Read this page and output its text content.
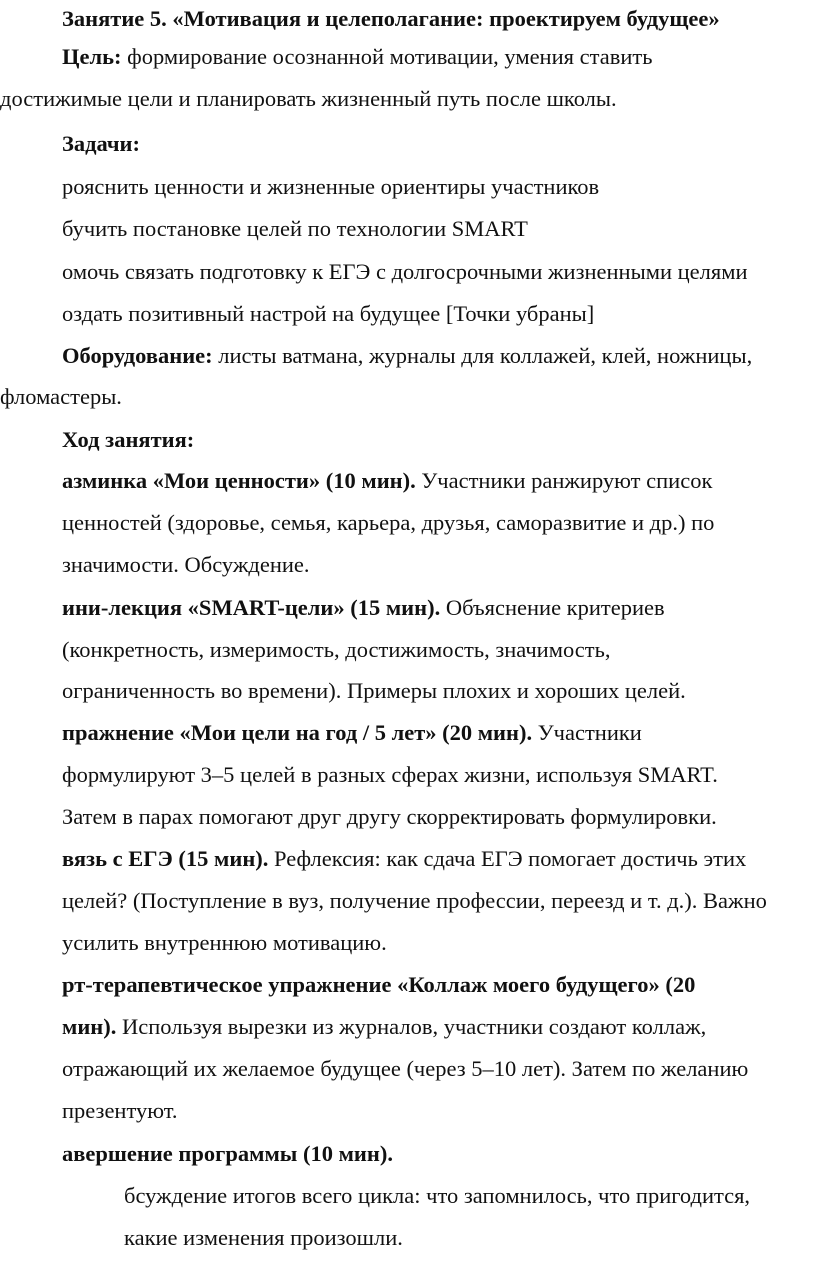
Занятие 5. «Мотивация и целеполагание: проектируем будущее»
Цель: формирование осознанной мотивации, умения ставить
достижимые цели и планировать жизненный путь после школы.
Задачи:
рояснить ценности и жизненные ориентиры участников
бучить постановке целей по технологии SMART
омочь связать подготовку к ЕГЭ с долгосрочными жизненными целями
оздать позитивный настрой на будущее [Точки убраны]
Оборудование: листы ватмана, журналы для коллажей, клей, ножницы,
фломастеры.
Ход занятия:
азминка «Мои ценности» (10 мин). Участники ранжируют список
ценностей (здоровье, семья, карьера, друзья, саморазвитие и др.) по
значимости. Обсуждение.
ини-лекция «SMART-цели» (15 мин). Объяснение критериев
(конкретность, измеримость, достижимость, значимость,
ограниченность во времени). Примеры плохих и хороших целей.
пражнение «Мои цели на год / 5 лет» (20 мин). Участники
формулируют 3–5 целей в разных сферах жизни, используя SMART.
Затем в парах помогают друг другу скорректировать формулировки.
вязь с ЕГЭ (15 мин). Рефлексия: как сдача ЕГЭ помогает достичь этих
целей? (Поступление в вуз, получение профессии, переезд и т. д.). Важно
усилить внутреннюю мотивацию.
рт-терапевтическое упражнение «Коллаж моего будущего» (20
мин). Используя вырезки из журналов, участники создают коллаж,
отражающий их желаемое будущее (через 5–10 лет). Затем по желанию
презентуют.
авершение программы (10 мин).
бсуждение итогов всего цикла: что запомнилось, что пригодится,
какие изменения произошли.
